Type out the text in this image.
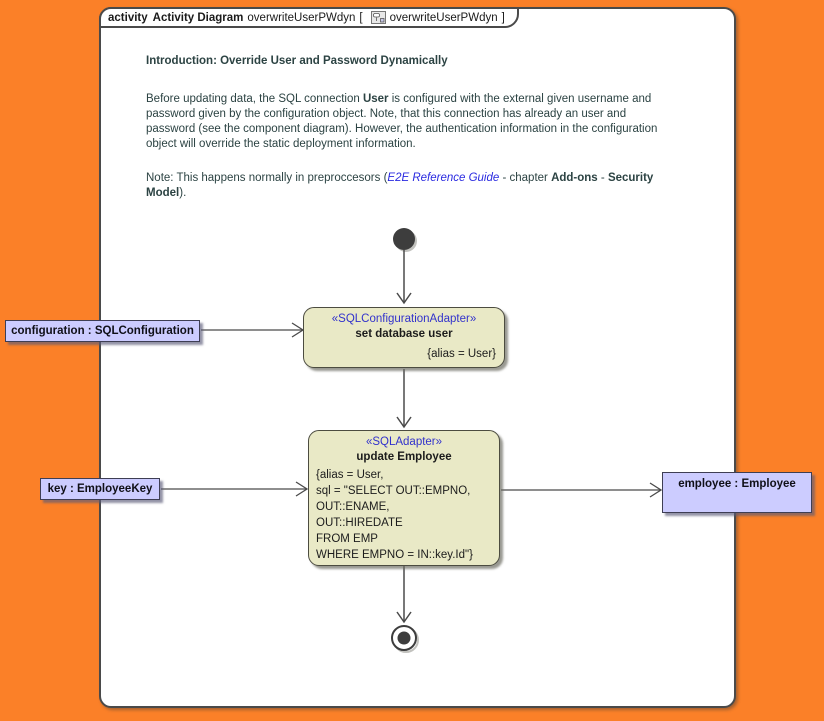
activity Activity Diagram overwriteUserPWdyn [ overwriteUserPWdyn ]
Introduction: Override User and Password Dynamically
Before updating data, the SQL connection User is configured with the external given username and
password given by the configuration object. Note, that this connection has already an user and
password (see the component diagram). However, the authentication information in the configuration
object will override the static deployment information.
Note: This happens normally in preproccesors (E2E Reference Guide - chapter Add-ons - Security
Model).
«SQLConfigurationAdapter»
set database user
{alias = User}
«SQLAdapter»
update Employee
{alias = User,
sql = "SELECT OUT::EMPNO,
OUT::ENAME,
OUT::HIREDATE
FROM EMP
WHERE EMPNO = IN::key.Id"}
configuration : SQLConfiguration
key : EmployeeKey	employee : Employee
